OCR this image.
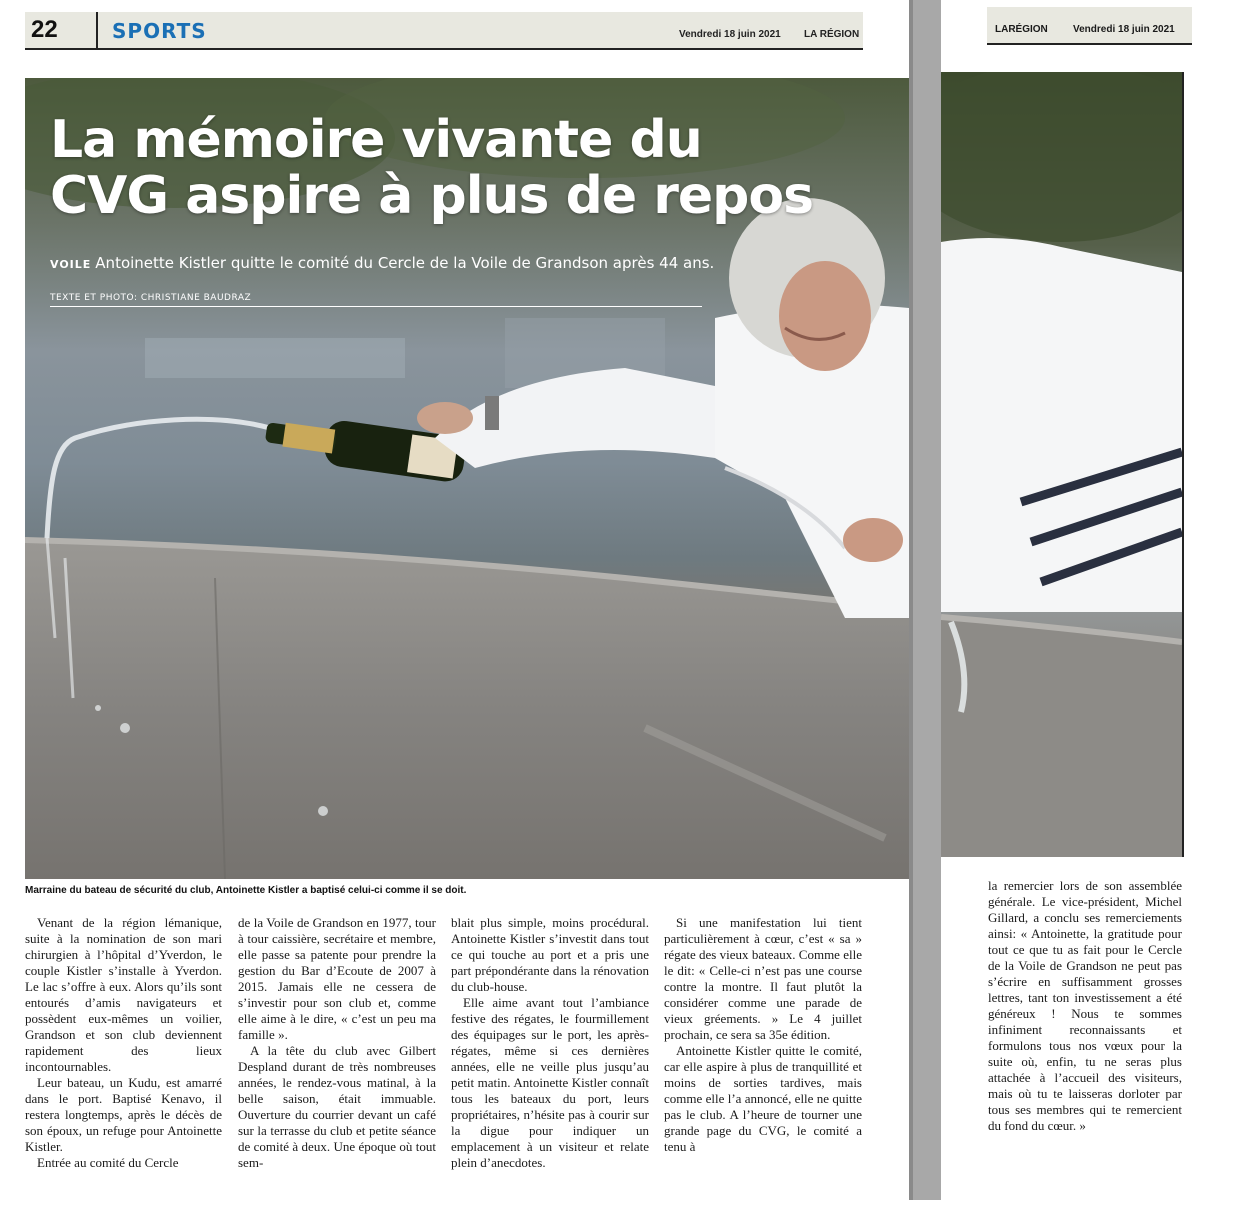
22	SPORTS	Vendredi 18 juin 2021 LA RÉGION
La mémoire vivante du
CVG aspire à plus de repos
VOILE Antoinette Kistler quitte le comité du Cercle de la Voile de Grandson après 44 ans.
TEXTE ET PHOTO: CHRISTIANE BAUDRAZ
LARÉGION	Vendredi 18 juin 2021
Marraine du bateau de sécurité du club, Antoinette Kistler a baptisé celui-ci comme il se doit.

Venant de la région lémanique, suite à la nomination de son mari chirurgien à l’hôpital d’Yverdon, le couple Kistler s’installe à Yverdon. Le lac s’offre à eux. Alors qu’ils sont entourés d’amis navigateurs et possèdent eux-mêmes un voilier, Grandson et son club deviennent rapidement des lieux incontournables.

Leur bateau, un Kudu, est amarré dans le port. Baptisé Kenavo, il restera longtemps, après le décès de son époux, un refuge pour Antoinette Kistler.

Entrée au comité du Cercle

de la Voile de Grandson en 1977, tour à tour caissière, secrétaire et membre, elle passe sa patente pour prendre la gestion du Bar d’Ecoute de 2007 à 2015. Jamais elle ne cessera de s’investir pour son club et, comme elle aime à le dire, « c’est un peu ma famille ».

A la tête du club avec Gilbert Despland durant de très nombreuses années, le rendez-vous matinal, à la belle saison, était immuable. Ouverture du courrier devant un café sur la terrasse du club et petite séance de comité à deux. Une époque où tout sem-

blait plus simple, moins procédural. Antoinette Kistler s’investit dans tout ce qui touche au port et a pris une part prépondérante dans la rénovation du club-house.

Elle aime avant tout l’ambiance festive des régates, le fourmillement des équipages sur le port, les après-régates, même si ces dernières années, elle ne veille plus jusqu’au petit matin. Antoinette Kistler connaît tous les bateaux du port, leurs propriétaires, n’hésite pas à courir sur la digue pour indiquer un emplacement à un visiteur et relate plein d’anecdotes.

Si une manifestation lui tient particulièrement à cœur, c’est « sa » régate des vieux bateaux. Comme elle le dit: « Celle-ci n’est pas une course contre la montre. Il faut plutôt la considérer comme une parade de vieux gréements. » Le 4 juillet prochain, ce sera sa 35e édition.

Antoinette Kistler quitte le comité, car elle aspire à plus de tranquillité et moins de sorties tardives, mais comme elle l’a annoncé, elle ne quitte pas le club. A l’heure de tourner une grande page du CVG, le comité a tenu à

la remercier lors de son assemblée générale. Le vice-président, Michel Gillard, a conclu ses remerciements ainsi: « Antoinette, la gratitude pour tout ce que tu as fait pour le Cercle de la Voile de Grandson ne peut pas s’écrire en suffisamment grosses lettres, tant ton investissement a été généreux ! Nous te sommes infiniment reconnaissants et formulons tous nos vœux pour la suite où, enfin, tu ne seras plus attachée à l’accueil des visiteurs, mais où tu te laisseras dorloter par tous ses membres qui te remercient du fond du cœur. »
